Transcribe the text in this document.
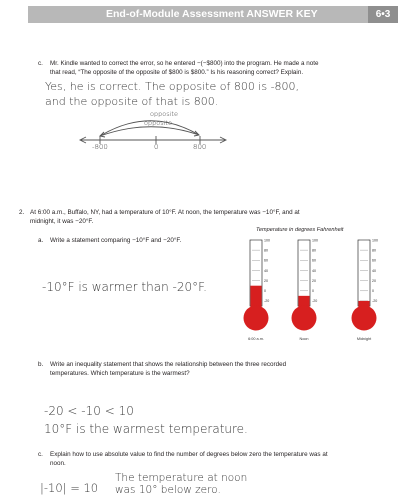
End-of-Module Assessment ANSWER KEY	6•3
c. Mr. Kindle wanted to correct the error, so he entered −(−$800) into the program. He made a note
that read, “The opposite of the opposite of $800 is $800.” Is his reasoning correct? Explain.
Yes, he is correct. The opposite of 800 is -800,
and the opposite of that is 800.
opposite
opposite
-800	0	800
2. At 6:00 a.m., Buffalo, NY, had a temperature of 10°F. At noon, the temperature was −10°F, and at
midnight, it was −20°F.
a. Write a statement comparing −10°F and −20°F.
-10°F is warmer than -20°F.
Temperature in degrees Fahrenheit
100
80
60
40
20
0
-20
6:00 a.m.
100
80
60
40
20
0
-20
Noon
100
80
60
40
20
0
-20
Midnight
b. Write an inequality statement that shows the relationship between the three recorded
temperatures. Which temperature is the warmest?
-20 < -10 < 10
10°F is the warmest temperature.
c. Explain how to use absolute value to find the number of degrees below zero the temperature was at
noon.
|-10| = 10
The temperature at noon
was 10° below zero.
